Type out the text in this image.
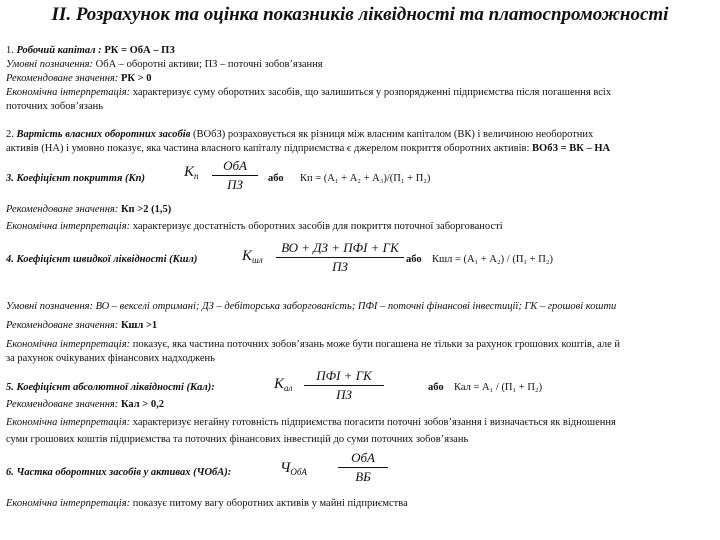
ІІ. Розрахунок та оцінка показників ліквідності та платоспроможності
1. Робочий капітал : РК = ОбА – ПЗ
Умовні позначення: ОбА – оборотні активи; ПЗ – поточні зобов’язання
Рекомендоване значення: РК > 0
Економічна інтерпретація: характеризує суму оборотних засобів, що залишиться у розпорядженні підприємства після погашення всіх
поточних зобов’язань
2. Вартість власних оборотних засобів (ВОбЗ) розраховується як різниця між власним капіталом (ВК) і величиною необоротних
активів (НА) і умовно показує, яка частина власного капіталу підприємства є джерелом покриття оборотних активів: ВОбЗ = ВК – НА
3. Коефіцієнт покриття (Кп)	$K_п$
ОбА
ПЗ	або Кп = (А₁ + А₂ + А₃)/(П₁ + П₂)
Рекомендоване значення: Кп >2 (1,5)
Економічна інтерпретація: характеризує достатність оборотних засобів для покриття поточної заборгованості
4. Коефіцієнт швидкої ліквідності (Кшл)	$K_{шл}$
ВО + ДЗ + ПФІ + ГК
ПЗ	або Кшл = (А₁ + А₂) / (П₁ + П₂)
Умовні позначення: ВО – векселі отримані; ДЗ – дебіторська заборгованість; ПФІ – поточні фінансові інвестиції; ГК – грошові кошти
Рекомендоване значення: Кшл >1
Економічна інтерпретація: показує, яка частина поточних зобов’язань може бути погашена не тільки за рахунок грошових коштів, але й
за рахунок очікуваних фінансових надходжень
5. Коефіцієнт абсолютної ліквідності (Кал):	$K_{ал}$
ПФІ + ГК
ПЗ	або Кал = А₁ / (П₁ + П₂)
Рекомендоване значення: Кал > 0,2
Економічна інтерпретація: характеризує негайну готовність підприємства погасити поточні зобов’язання і визначається як відношення
суми грошових коштів підприємства та поточних фінансових інвестицій до суми поточних зобов’язань
6. Частка оборотних засобів у активах (ЧОбА):	$Ч_{ОбА}$
ОбА
ВБ
Економічна інтерпретація: показує питому вагу оборотних активів у майні підприємства
